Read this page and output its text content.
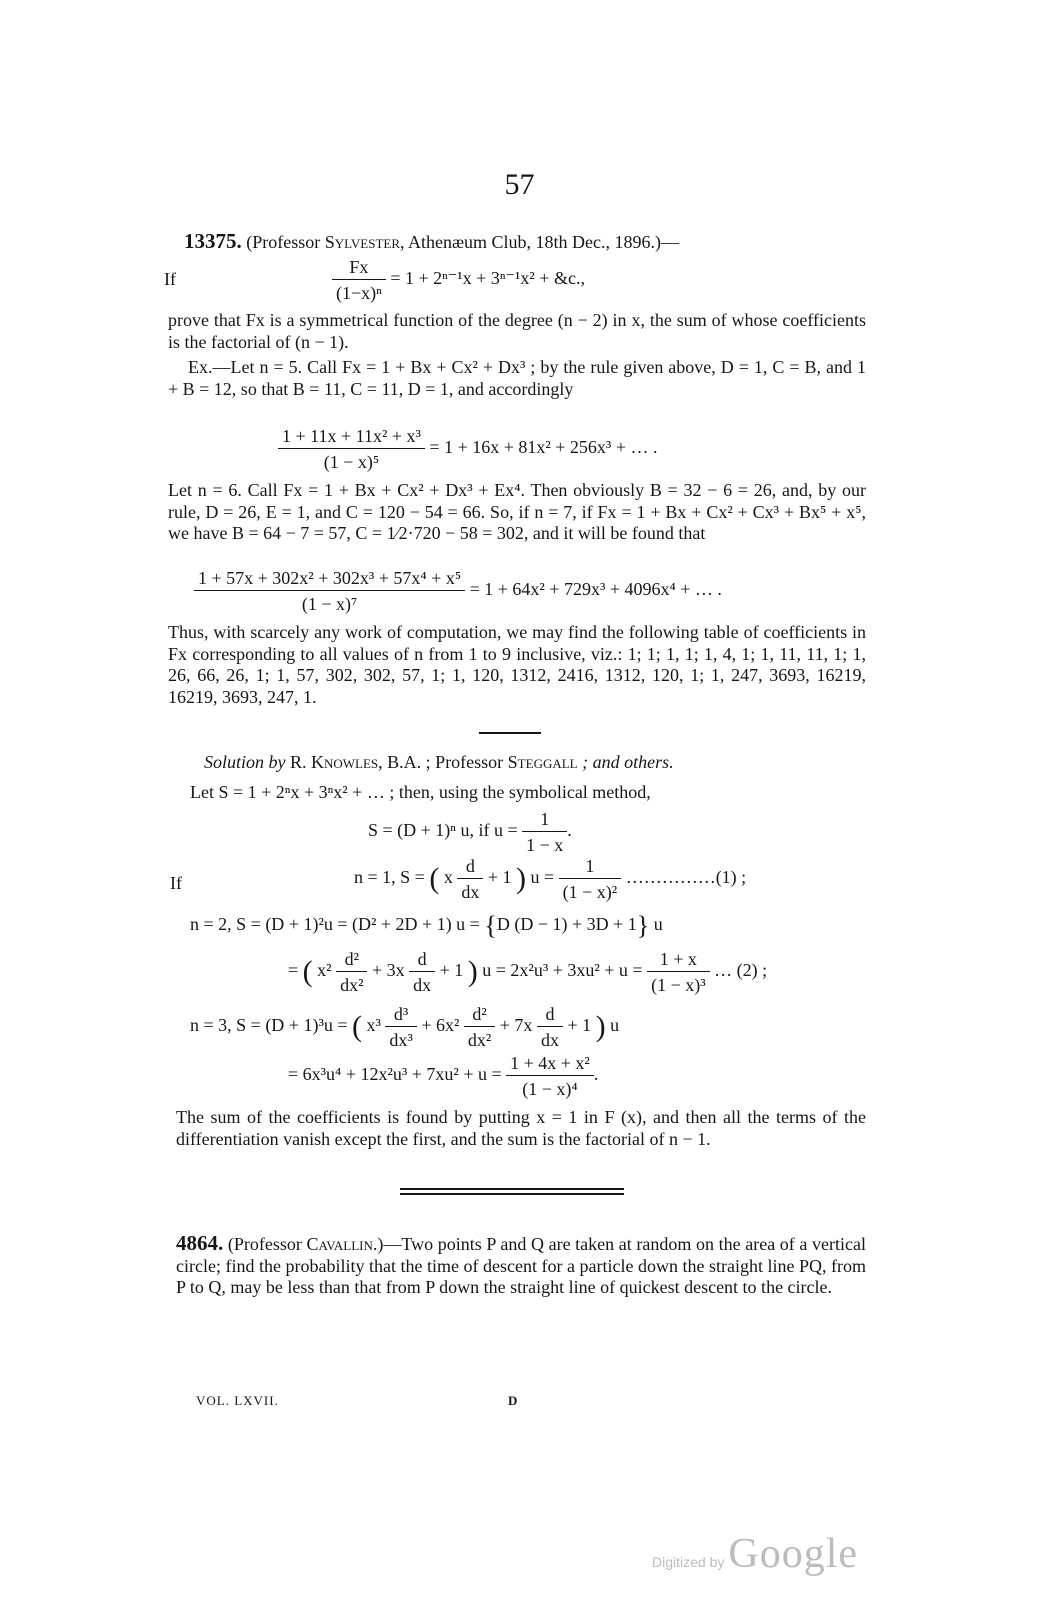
57

13375. (Professor Sylvester, Athenæum Club, 18th Dec., 1896.)—

If	$\frac{Fx}{\text{(1−x)ⁿ}} = 1 + 2^{n-1}x + 3^{n-1}x^2$ + &c.,

prove that Fx is a symmetrical function of the degree (n − 2) in x, the sum of whose coefficients is the factorial of (n − 1).

Ex.—Let n = 5. Call Fx = 1 + Bx + Cx² + Dx³ ; by the rule given above, D = 1, C = B, and 1 + B = 12, so that B = 11, C = 11, D = 1, and accordingly

$\frac{\text{1 + 11x + 11x² + x³}}{\text{(1 − x)⁵}} = 1 + 16x + 81x^2 + 256x^3$ + … .

Let n = 6. Call Fx = 1 + Bx + Cx² + Dx³ + Ex⁴. Then obviously B = 32 − 6 = 26, and, by our rule, D = 26, E = 1, and C = 120 − 54 = 66. So, if n = 7, if Fx = 1 + Bx + Cx² + Cx³ + Bx⁵ + x⁵, we have B = 64 − 7 = 57, C = 1⁄2·720 − 58 = 302, and it will be found that

$\frac{\text{1 + 57x + 302x² + 302x³ + 57x⁴ + x⁵}}{\text{(1 − x)⁷}} = 1 + 64x^2 + 729x^3 + 4096x^4$ + … .

Thus, with scarcely any work of computation, we may find the following table of coefficients in Fx corresponding to all values of n from 1 to 9 inclusive, viz.: 1; 1; 1, 1; 1, 4, 1; 1, 11, 11, 1; 1, 26, 66, 26, 1; 1, 57, 302, 302, 57, 1; 1, 120, 1312, 2416, 1312, 120, 1; 1, 247, 3693, 16219, 16219, 3693, 247, 1.

Solution by R. Knowles, B.A. ; Professor Steggall ; and others.

Let S = 1 + 2ⁿx + 3ⁿx² + … ; then, using the symbolical method,

S = (D + 1)ⁿ u, if $u = \frac{1}{1 - x}$ .
If	n = 1, S = ( x $\frac{d}{dx} + 1$ ) $u = \frac{1}{\text{(1 − x)²}}$ ……………(1) ;
n = 2, S = (D + 1)²u = (D² + 2D + 1) u = {D (D − 1) + 3D + 1} u
= ( $x^2 \frac{\text{d²}}{\text{dx²}} + 3x \frac{d}{dx} + 1$ ) $u = 2x^2u^3 + 3xu^2 + u = \frac{1 + x}{\text{(1 − x)³}}$ … (2) ;
n = 3, S = (D + 1)³u = ( $x^3 \frac{\text{d³}}{\text{dx³}} + 6x^2 \frac{\text{d²}}{\text{dx²}} + 7x \frac{d}{dx} + 1$ ) u
= $6x^3u^4 + 12x^2u^3 + 7xu^2 + u = \frac{\text{1 + 4x + x²}}{\text{(1 − x)⁴}}$ .

The sum of the coefficients is found by putting x = 1 in F (x), and then all the terms of the differentiation vanish except the first, and the sum is the factorial of n − 1.

4864. (Professor Cavallin.)—Two points P and Q are taken at random on the area of a vertical circle; find the probability that the time of descent for a particle down the straight line PQ, from P to Q, may be less than that from P down the straight line of quickest descent to the circle.

VOL. LXVII.	D
Digitized by Google
